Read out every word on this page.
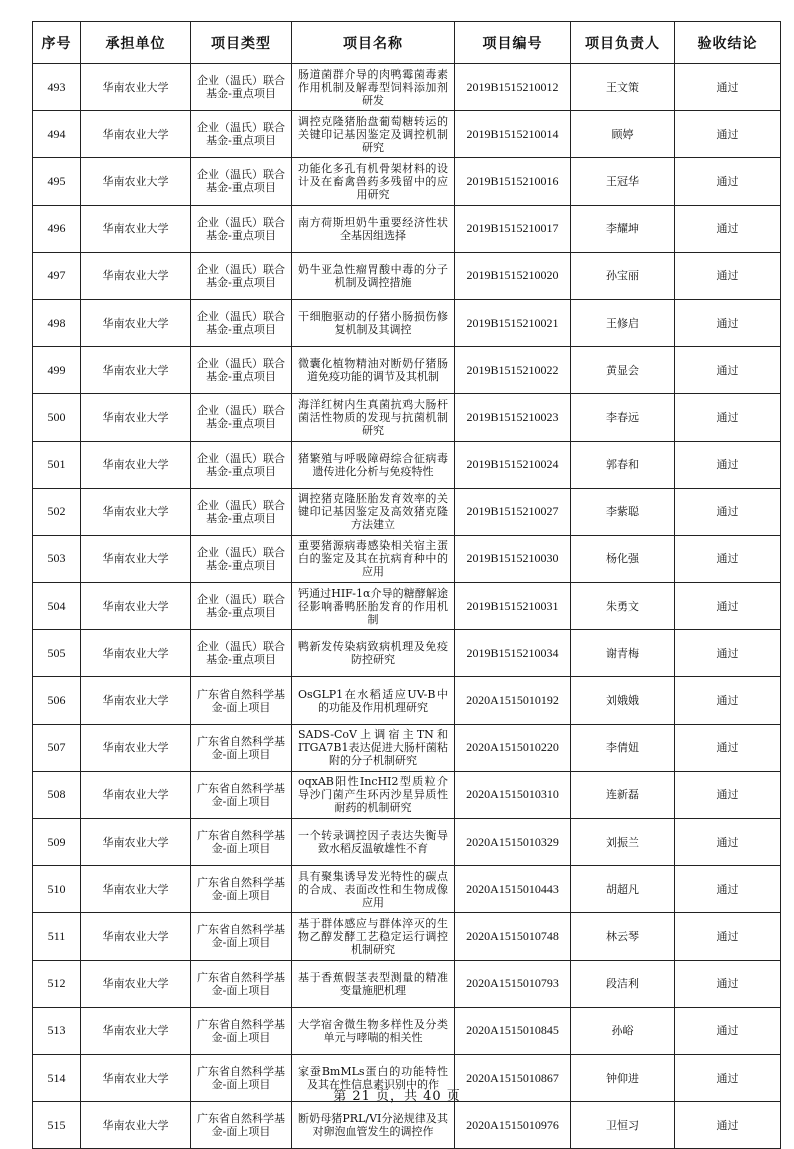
序号	承担单位	项目类型	项目名称	项目编号	项目负责人	验收结论
493	华南农业大学	企业（温氏）联合基金-重点项目	肠道菌群介导的肉鸭霉菌毒素作用机制及解毒型饲料添加剂研发	2019B1515210012	王文策	通过
494	华南农业大学	企业（温氏）联合基金-重点项目	调控克隆猪胎盘葡萄糖转运的关键印记基因鉴定及调控机制研究	2019B1515210014	顾婷	通过
495	华南农业大学	企业（温氏）联合基金-重点项目	功能化多孔有机骨架材料的设计及在畜禽兽药多残留中的应用研究	2019B1515210016	王冠华	通过
496	华南农业大学	企业（温氏）联合基金-重点项目	南方荷斯坦奶牛重要经济性状全基因组选择	2019B1515210017	李耀坤	通过
497	华南农业大学	企业（温氏）联合基金-重点项目	奶牛亚急性瘤胃酸中毒的分子机制及调控措施	2019B1515210020	孙宝丽	通过
498	华南农业大学	企业（温氏）联合基金-重点项目	干细胞驱动的仔猪小肠损伤修复机制及其调控	2019B1515210021	王修启	通过
499	华南农业大学	企业（温氏）联合基金-重点项目	微囊化植物精油对断奶仔猪肠道免疫功能的调节及其机制	2019B1515210022	黄显会	通过
500	华南农业大学	企业（温氏）联合基金-重点项目	海洋红树内生真菌抗鸡大肠杆菌活性物质的发现与抗菌机制研究	2019B1515210023	李春远	通过
501	华南农业大学	企业（温氏）联合基金-重点项目	猪繁殖与呼吸障碍综合征病毒遗传进化分析与免疫特性	2019B1515210024	郭春和	通过
502	华南农业大学	企业（温氏）联合基金-重点项目	调控猪克隆胚胎发育效率的关键印记基因鉴定及高效猪克隆方法建立	2019B1515210027	李紫聪	通过
503	华南农业大学	企业（温氏）联合基金-重点项目	重要猪源病毒感染相关宿主蛋白的鉴定及其在抗病育种中的应用	2019B1515210030	杨化强	通过
504	华南农业大学	企业（温氏）联合基金-重点项目	钙通过HIF-1α介导的糖酵解途径影响番鸭胚胎发育的作用机制	2019B1515210031	朱勇文	通过
505	华南农业大学	企业（温氏）联合基金-重点项目	鸭新发传染病致病机理及免疫防控研究	2019B1515210034	谢青梅	通过
506	华南农业大学	广东省自然科学基金-面上项目	OsGLP1在水稻适应UV-B中的功能及作用机理研究	2020A1515010192	刘娥娥	通过
507	华南农业大学	广东省自然科学基金-面上项目	SADS-CoV上调宿主TN和ITGA7B1表达促进大肠杆菌粘附的分子机制研究	2020A1515010220	李倩妞	通过
508	华南农业大学	广东省自然科学基金-面上项目	oqxAB阳性IncHI2型质粒介导沙门菌产生环丙沙星异质性耐药的机制研究	2020A1515010310	连新磊	通过
509	华南农业大学	广东省自然科学基金-面上项目	一个转录调控因子表达失衡导致水稻反温敏雄性不育	2020A1515010329	刘振兰	通过
510	华南农业大学	广东省自然科学基金-面上项目	具有聚集诱导发光特性的碳点的合成、表面改性和生物成像应用	2020A1515010443	胡超凡	通过
511	华南农业大学	广东省自然科学基金-面上项目	基于群体感应与群体淬灭的生物乙醇发酵工艺稳定运行调控机制研究	2020A1515010748	林云琴	通过
512	华南农业大学	广东省自然科学基金-面上项目	基于香蕉假茎表型测量的精准变量施肥机理	2020A1515010793	段洁利	通过
513	华南农业大学	广东省自然科学基金-面上项目	大学宿舍微生物多样性及分类单元与哮喘的相关性	2020A1515010845	孙峪	通过
514	华南农业大学	广东省自然科学基金-面上项目	家蚕BmMLs蛋白的功能特性及其在性信息素识别中的作	2020A1515010867	钟仰进	通过
515	华南农业大学	广东省自然科学基金-面上项目	断奶母猪PRL/VI分泌规律及其对卵泡血管发生的调控作	2020A1515010976	卫恒习	通过
第 21 页，共 40 页
